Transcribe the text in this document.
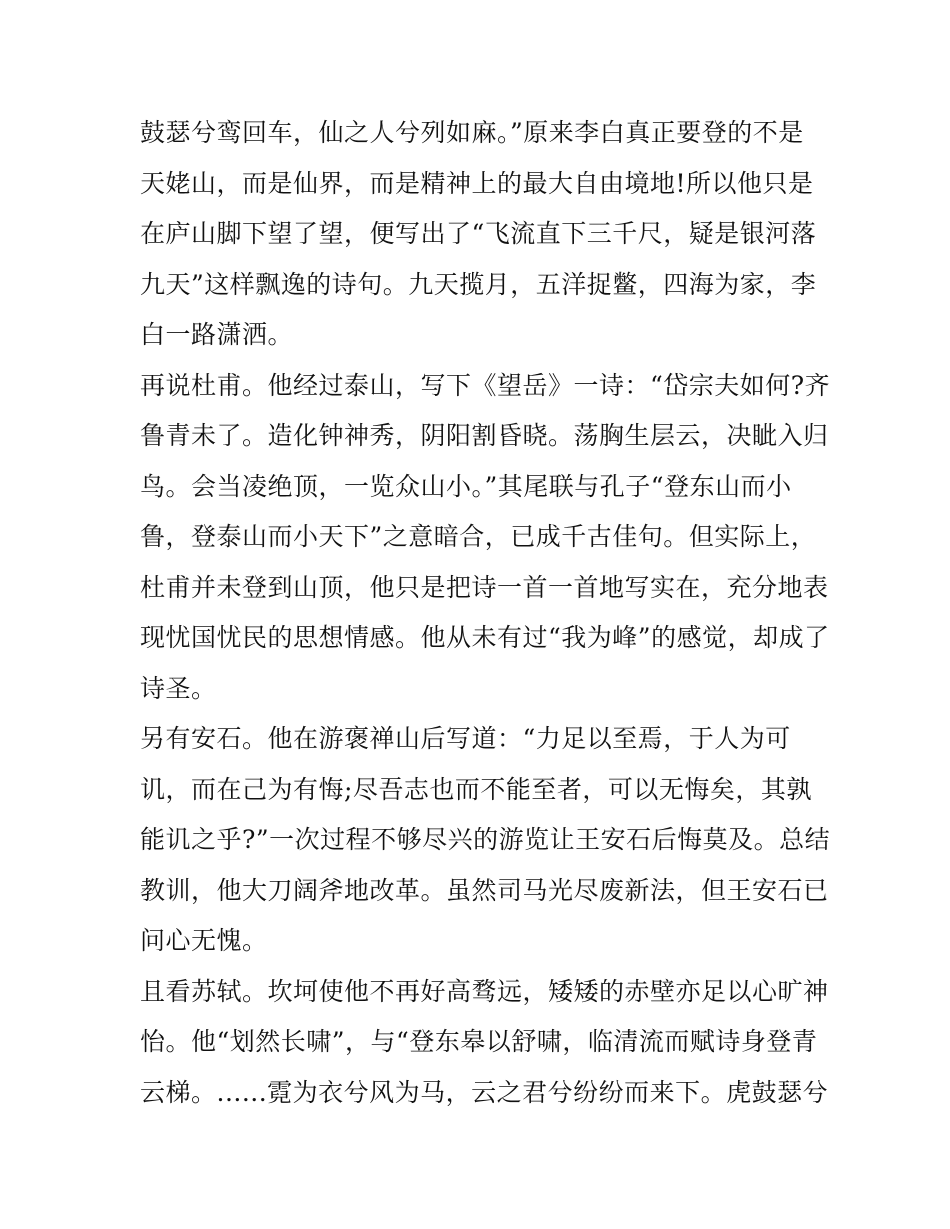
鼓瑟兮鸾回车，仙之人兮列如麻。”原来李白真正要登的不是
天姥山，而是仙界，而是精神上的最大自由境地!所以他只是
在庐山脚下望了望，便写出了“飞流直下三千尺，疑是银河落
九天”这样飘逸的诗句。九天揽月，五洋捉鳖，四海为家，李
白一路潇洒。
再说杜甫。他经过泰山，写下《望岳》一诗：“岱宗夫如何?齐
鲁青未了。造化钟神秀，阴阳割昏晓。荡胸生层云，决眦入归
鸟。会当凌绝顶，一览众山小。”其尾联与孔子“登东山而小
鲁，登泰山而小天下”之意暗合，已成千古佳句。但实际上，
杜甫并未登到山顶，他只是把诗一首一首地写实在，充分地表
现忧国忧民的思想情感。他从未有过“我为峰”的感觉，却成了
诗圣。
另有安石。他在游褒禅山后写道：“力足以至焉，于人为可
讥，而在己为有悔;尽吾志也而不能至者，可以无悔矣，其孰
能讥之乎?”一次过程不够尽兴的游览让王安石后悔莫及。总结
教训，他大刀阔斧地改革。虽然司马光尽废新法，但王安石已
问心无愧。
且看苏轼。坎坷使他不再好高骛远，矮矮的赤壁亦足以心旷神
怡。他“划然长啸”，与“登东皋以舒啸，临清流而赋诗身登青
云梯。......霓为衣兮风为马，云之君兮纷纷而来下。虎鼓瑟兮
